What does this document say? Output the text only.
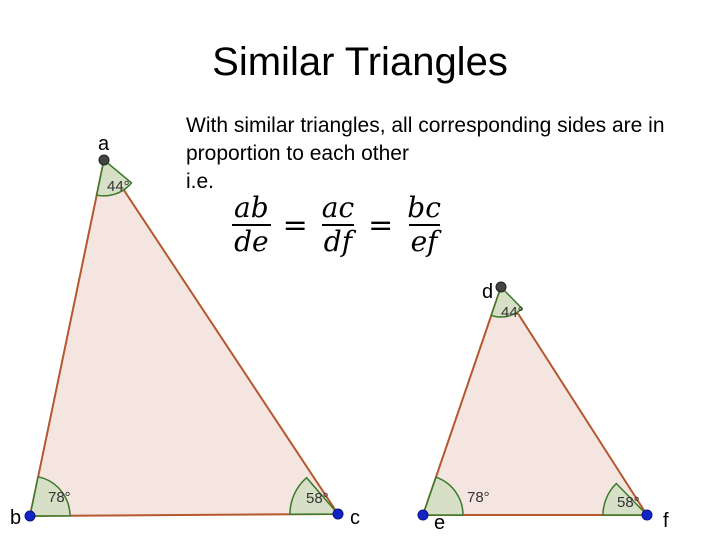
Similar Triangles
With similar triangles, all corresponding sides are in
proportion to each other
i.e.
$\frac{ab}{de} = \frac{ac}{df} = \frac{bc}{ef}$
a
b	c
44°
78°	58°
d
e	f
44°
78°	58°
